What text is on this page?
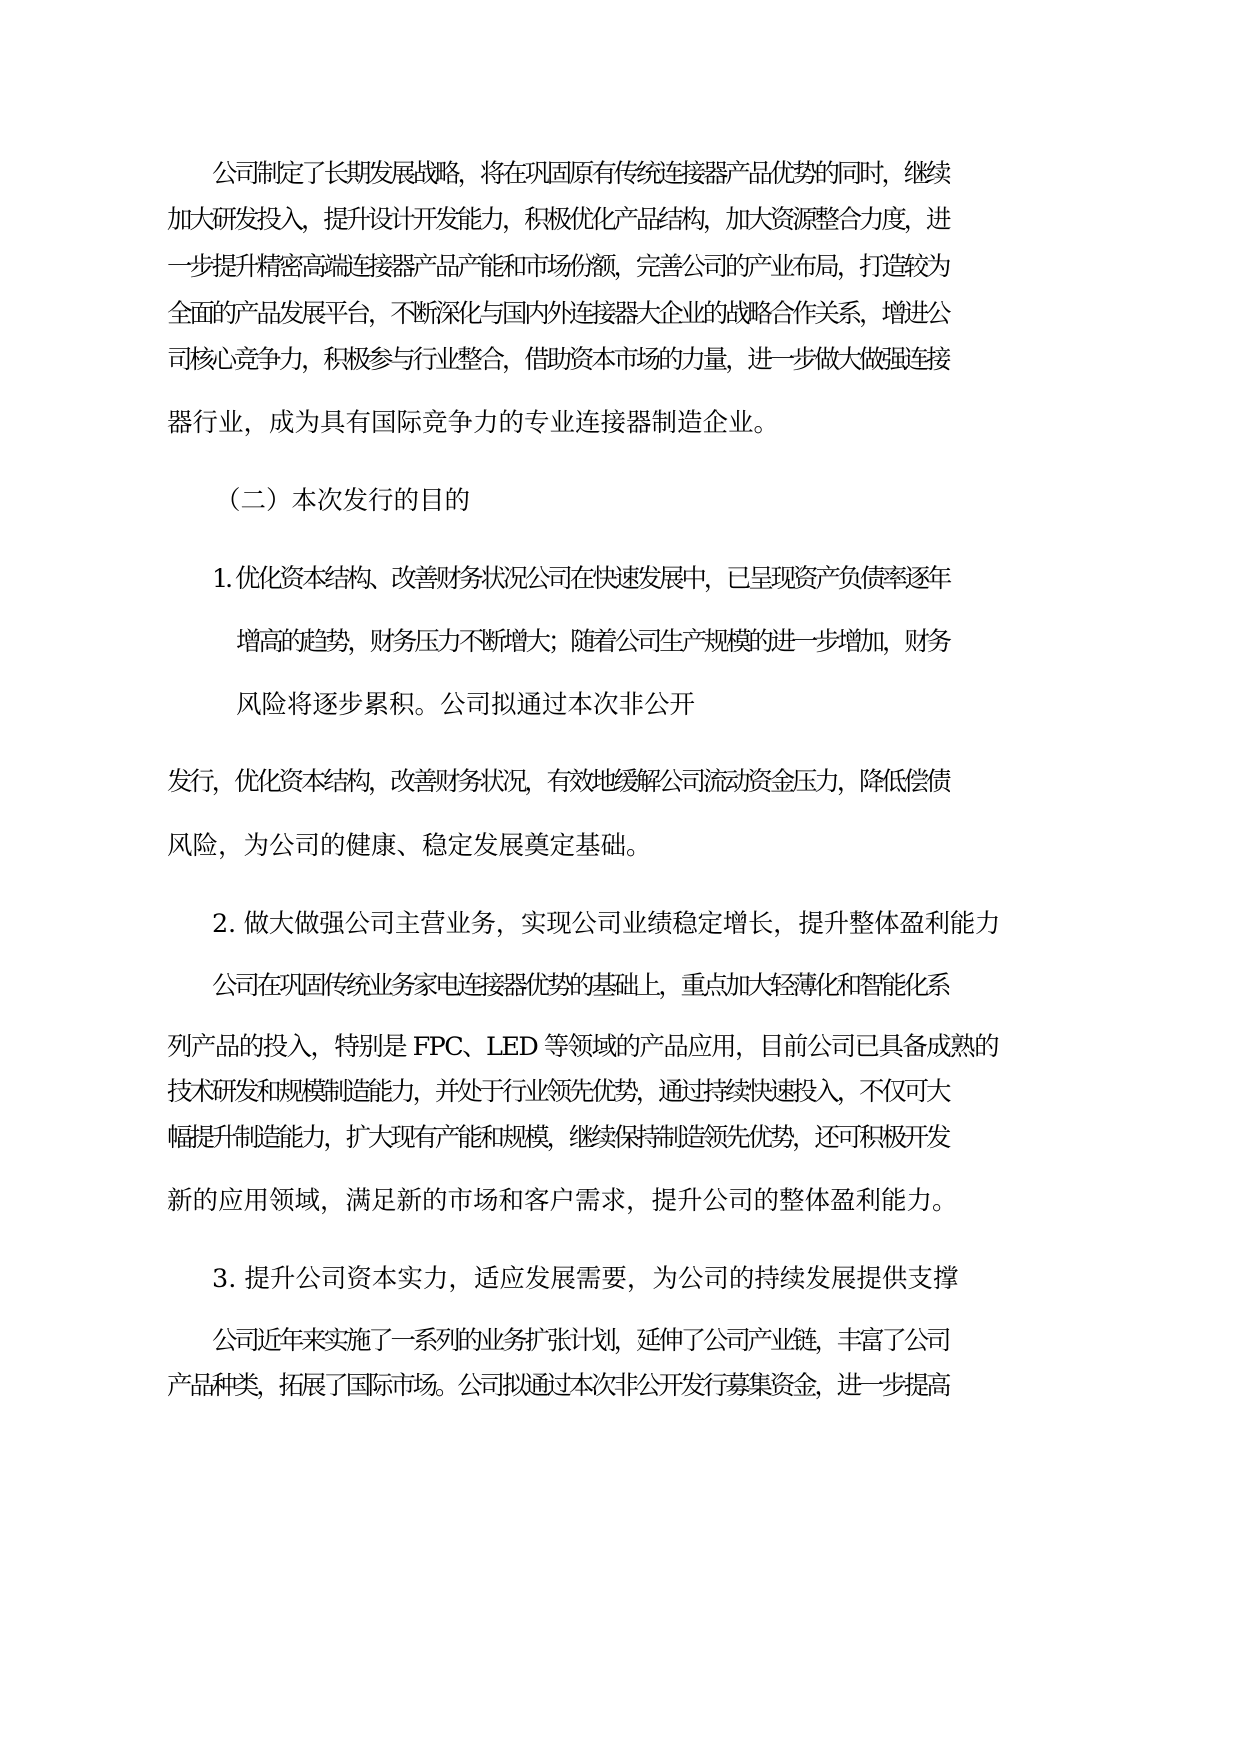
公司制定了长期发展战略，将在巩固原有传统连接器产品优势的同时，继续
加大研发投入，提升设计开发能力，积极优化产品结构，加大资源整合力度，进
一步提升精密高端连接器产品产能和市场份额，完善公司的产业布局，打造较为
全面的产品发展平台，不断深化与国内外连接器大企业的战略合作关系，增进公
司核心竞争力，积极参与行业整合，借助资本市场的力量，进一步做大做强连接
器行业，成为具有国际竞争力的专业连接器制造企业。
（二）本次发行的目的
1. 优化资本结构、改善财务状况公司在快速发展中，已呈现资产负债率逐年
增高的趋势，财务压力不断增大；随着公司生产规模的进一步增加，财务
风险将逐步累积。公司拟通过本次非公开
发行，优化资本结构，改善财务状况，有效地缓解公司流动资金压力，降低偿债
风险，为公司的健康、稳定发展奠定基础。
2. 做大做强公司主营业务，实现公司业绩稳定增长，提升整体盈利能力
公司在巩固传统业务家电连接器优势的基础上，重点加大轻薄化和智能化系
列产品的投入，特别是 FPC、LED 等领域的产品应用，目前公司已具备成熟的
技术研发和规模制造能力，并处于行业领先优势，通过持续快速投入，不仅可大
幅提升制造能力，扩大现有产能和规模，继续保持制造领先优势，还可积极开发
新的应用领域，满足新的市场和客户需求，提升公司的整体盈利能力。
3. 提升公司资本实力，适应发展需要，为公司的持续发展提供支撑
公司近年来实施了一系列的业务扩张计划，延伸了公司产业链，丰富了公司
产品种类，拓展了国际市场。公司拟通过本次非公开发行募集资金，进一步提高
